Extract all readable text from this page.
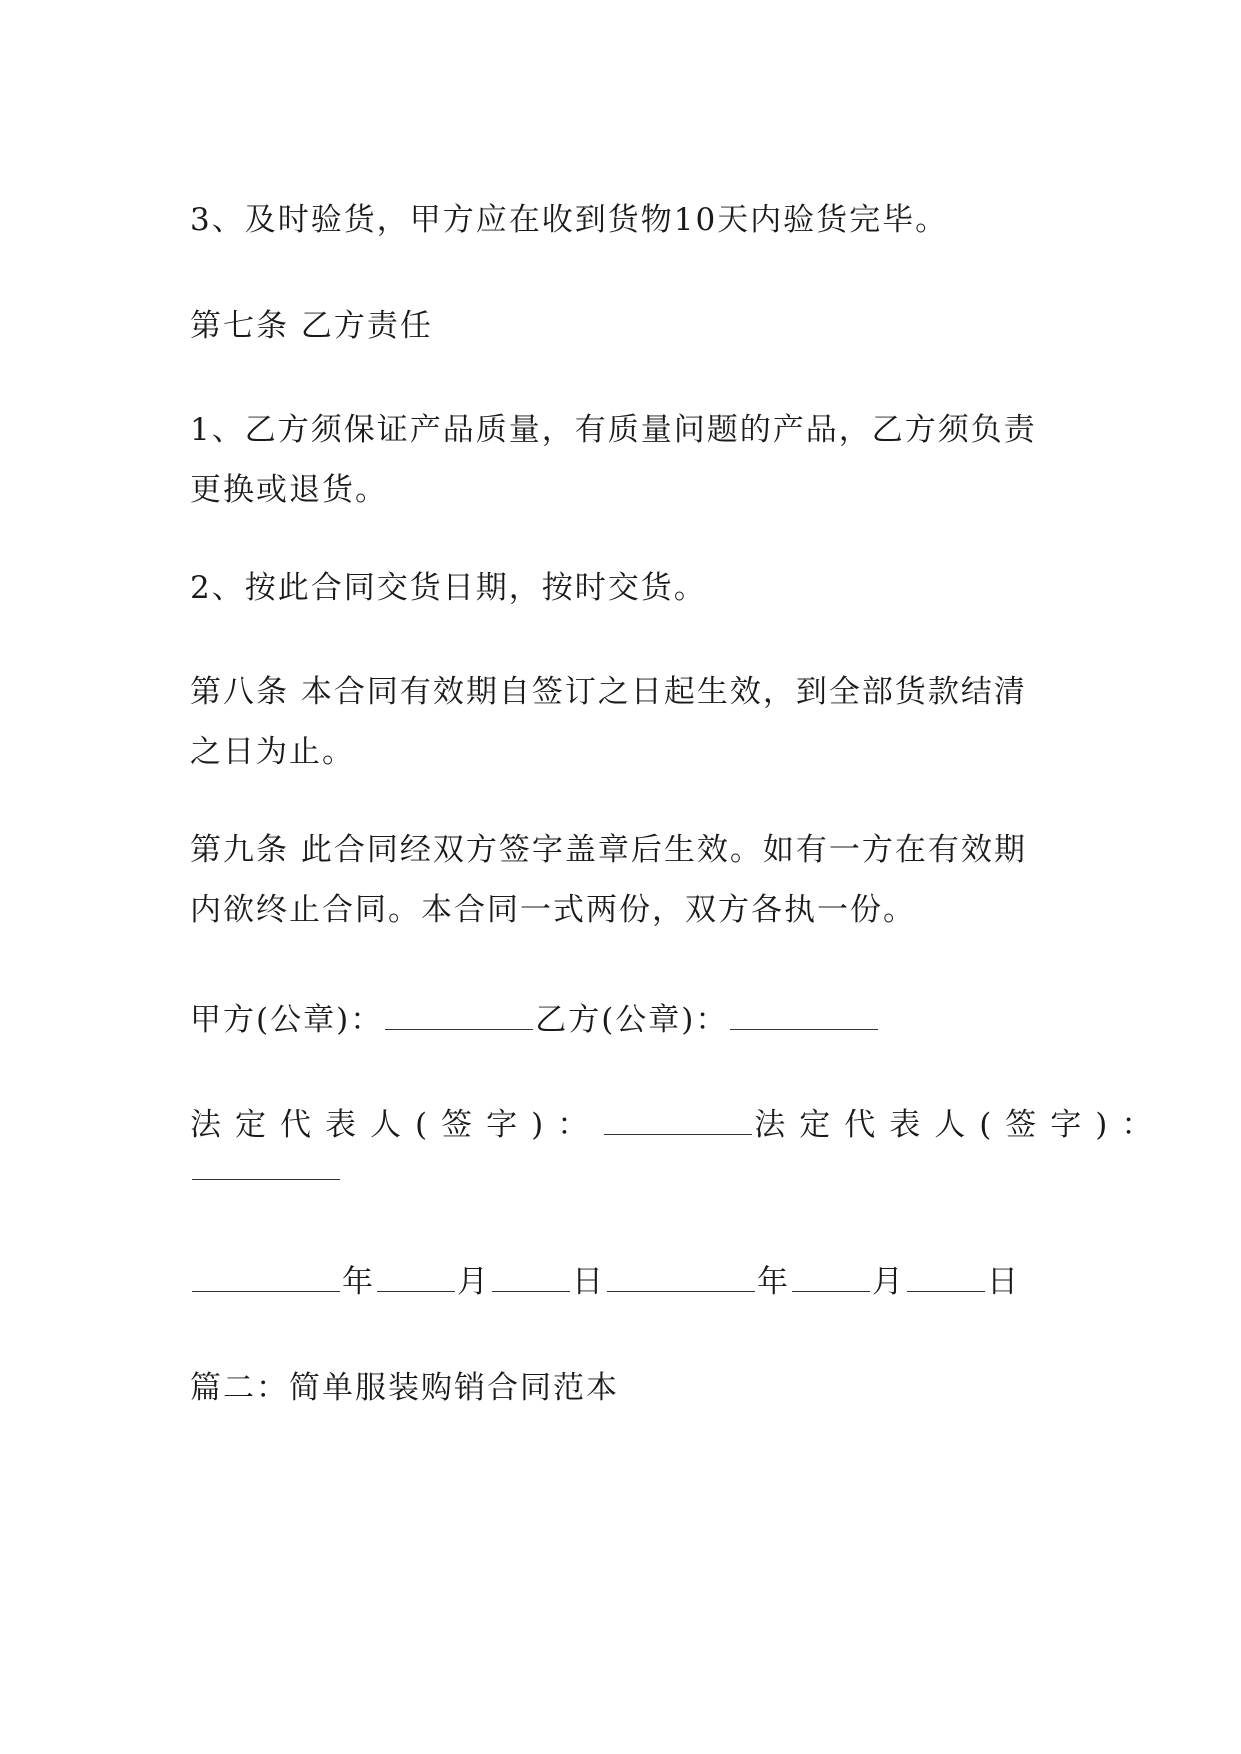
3、及时验货，甲方应在收到货物10天内验货完毕。

第七条 乙方责任

1、乙方须保证产品质量，有质量问题的产品，乙方须负责更换或退货。

2、按此合同交货日期，按时交货。

第八条 本合同有效期自签订之日起生效，到全部货款结清之日为止。

第九条 此合同经双方签字盖章后生效。如有一方在有效期内欲终止合同。本合同一式两份，双方各执一份。

甲方(公章)：	乙方(公章)：
法定代表人(签字)：	法定代表人(签字)：
年	月	日	年	月	日

篇二：简单服装购销合同范本
